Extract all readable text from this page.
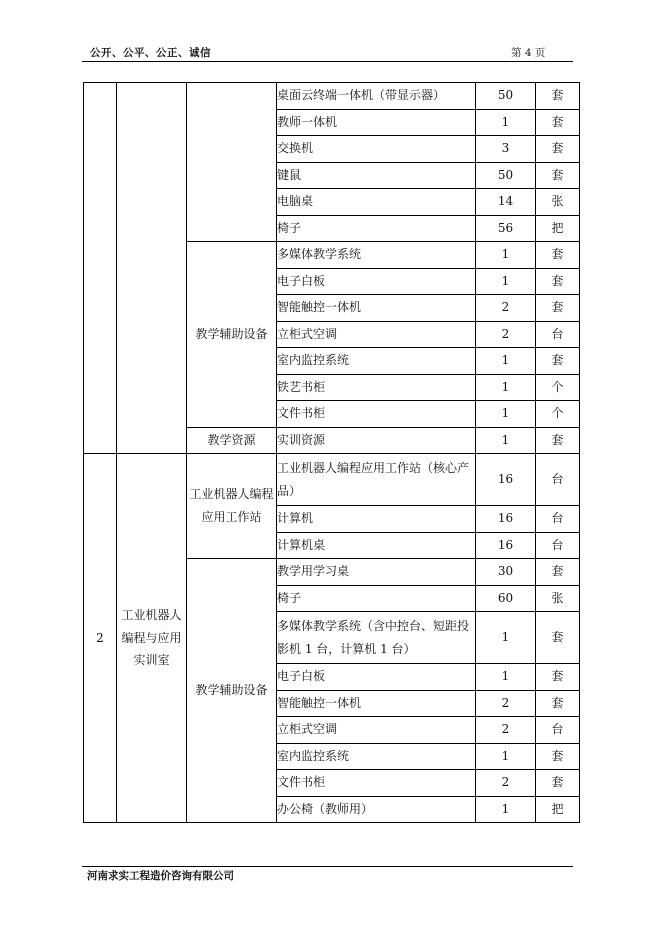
公开、公平、公正、诚信	第 4 页
			桌面云终端一体机（带显示器）	50	套
			教师一体机	1	套
			交换机	3	套
			键鼠	50	套
			电脑桌	14	张
			椅子	56	把
		教学辅助设备	多媒体教学系统	1	套
			电子白板	1	套
			智能触控一体机	2	套
			立柜式空调	2	台
			室内监控系统	1	套
			铁艺书柜	1	个
			文件书柜	1	个
		教学资源	实训资源	1	套
2	工业机器人编程与应用实训室	工业机器人编程应用工作站	工业机器人编程应用工作站（核心产品）	16	台
			计算机	16	台
			计算机桌	16	台
		教学辅助设备	教学用学习桌	30	套
			椅子	60	张
			多媒体教学系统（含中控台、短距投影机 1 台，计算机 1 台）	1	套
			电子白板	1	套
			智能触控一体机	2	套
			立柜式空调	2	台
			室内监控系统	1	套
			文件书柜	2	套
			办公椅（教师用）	1	把
河南求实工程造价咨询有限公司
